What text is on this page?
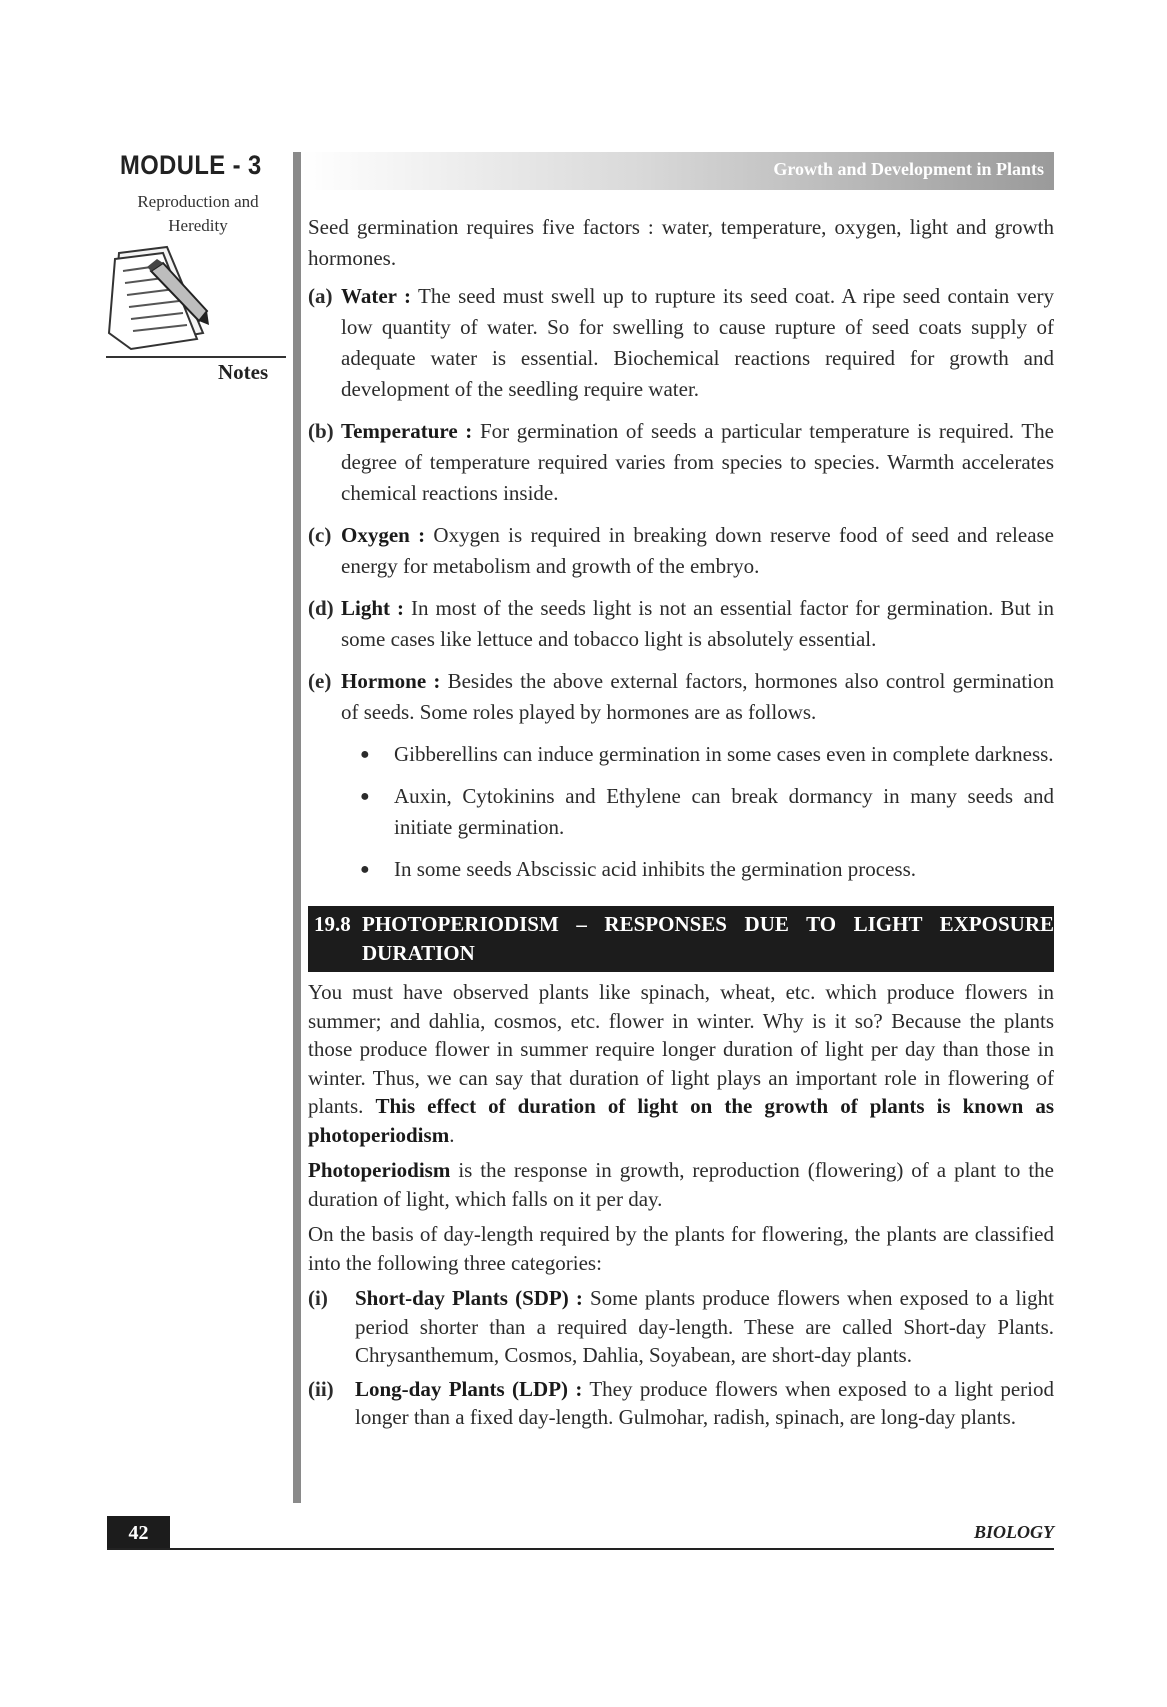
MODULE - 3
Reproduction and
Heredity
Notes
Growth and Development in Plants

Seed germination requires five factors : water, temperature, oxygen, light and growth hormones.

(a) Water : The seed must swell up to rupture its seed coat. A ripe seed contain very low quantity of water. So for swelling to cause rupture of seed coats supply of adequate water is essential. Biochemical reactions required for growth and development of the seedling require water.
(b) Temperature : For germination of seeds a particular temperature is required. The degree of temperature required varies from species to species. Warmth accelerates chemical reactions inside.
(c) Oxygen : Oxygen is required in breaking down reserve food of seed and release energy for metabolism and growth of the embryo.
(d) Light : In most of the seeds light is not an essential factor for germination. But in some cases like lettuce and tobacco light is absolutely essential.
(e) Hormone : Besides the above external factors, hormones also control germination of seeds. Some roles played by hormones are as follows.
●	Gibberellins can induce germination in some cases even in complete darkness.
●	Auxin, Cytokinins and Ethylene can break dormancy in many seeds and initiate germination.
●	In some seeds Abscissic acid inhibits the germination process.
19.8 PHOTOPERIODISM – RESPONSES DUE TO LIGHT EXPOSURE DURATION

You must have observed plants like spinach, wheat, etc. which produce flowers in summer; and dahlia, cosmos, etc. flower in winter. Why is it so? Because the plants those produce flower in summer require longer duration of light per day than those in winter. Thus, we can say that duration of light plays an important role in flowering of plants. This effect of duration of light on the growth of plants is known as photoperiodism.

Photoperiodism is the response in growth, reproduction (flowering) of a plant to the duration of light, which falls on it per day.

On the basis of day-length required by the plants for flowering, the plants are classified into the following three categories:

(i)	Short-day Plants (SDP) : Some plants produce flowers when exposed to a light period shorter than a required day-length. These are called Short-day Plants. Chrysanthemum, Cosmos, Dahlia, Soyabean, are short-day plants.
(ii)	Long-day Plants (LDP) : They produce flowers when exposed to a light period longer than a fixed day-length. Gulmohar, radish, spinach, are long-day plants.
42	BIOLOGY
